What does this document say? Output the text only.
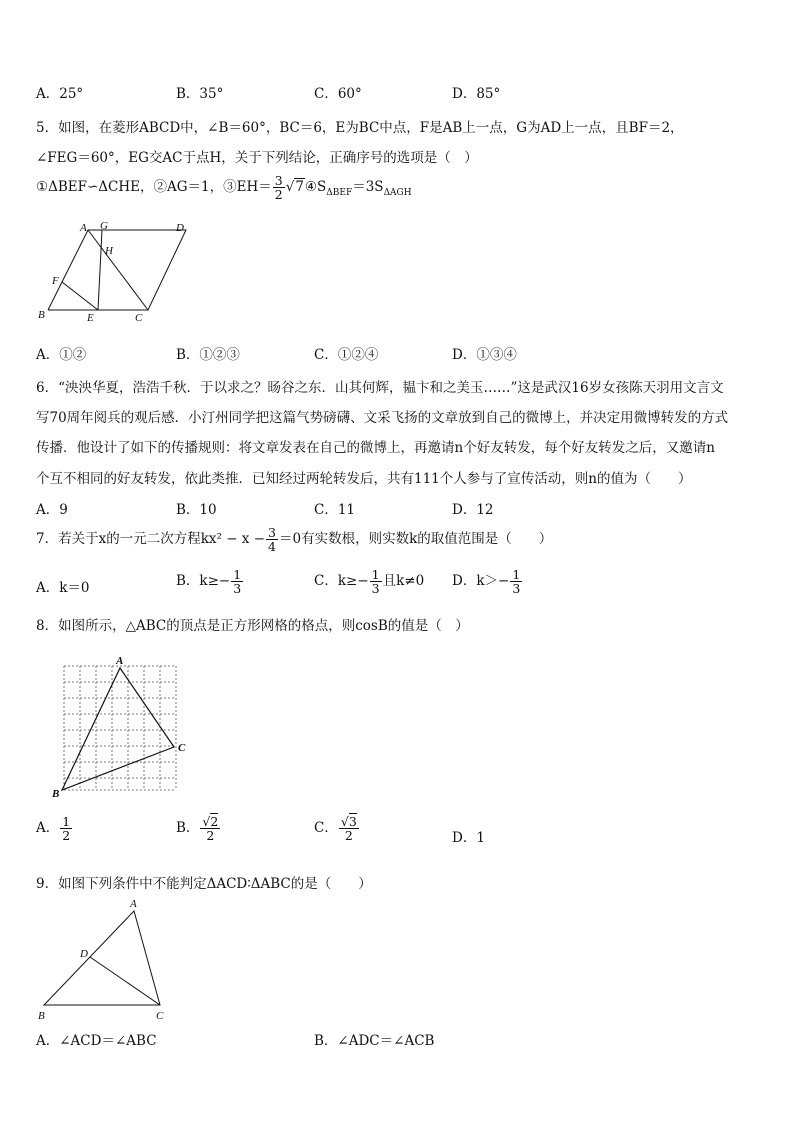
A．25°	B．35°	C．60°	D．85°
5．如图，在菱形ABCD中，∠B＝60°，BC＝6，E为BC中点，F是AB上一点，G为AD上一点，且BF＝2，
∠FEG＝60°，EG交AC于点H，关于下列结论，正确序号的选项是（　）
①ΔBEF∽ΔCHE，②AG＝1，③EH＝ $\frac{3}{2}$ $√7④S_{\Delta BEF}=3S_{\Delta AGH}$
A G	D
H
F
B	E	C
A．①②	B．①②③	C．①②④	D．①③④
6．“泱泱华夏，浩浩千秋．于以求之？旸谷之东．山其何辉，韫卞和之美玉……”这是武汉16岁女孩陈天羽用文言文
写70周年阅兵的观后感．小汀州同学把这篇气势磅礴、文采飞扬的文章放到自己的微博上，并决定用微博转发的方式
传播．他设计了如下的传播规则：将文章发表在自己的微博上，再邀请n个好友转发，每个好友转发之后，又邀请n
个互不相同的好友转发，依此类推．已知经过两轮转发后，共有111个人参与了宣传活动，则n的值为（　　）
A．9	B．10	C．11	D．12
7．若关于x的一元二次方程$kx^2 - x - \frac{3}{4} =0$有实数根，则实数k的取值范围是（　　）
A．k＝0	B．$k\ge- \frac{1}{3}$	C．$k\ge- \frac{1}{3}$ 且k≠0 D．$k>- \frac{1}{3}$
8．如图所示，△ABC的顶点是正方形网格的格点，则cosB的值是（　）
A
C
B
A． $\frac{1}{2}$	B． $\frac{√2}{2}$	C． $\frac{√3}{2}$	D．1
9．如图下列条件中不能判定ΔACD∶ΔABC的是（　　）
A
D
B	C
A．∠ACD＝∠ABC	B．∠ADC＝∠ACB
